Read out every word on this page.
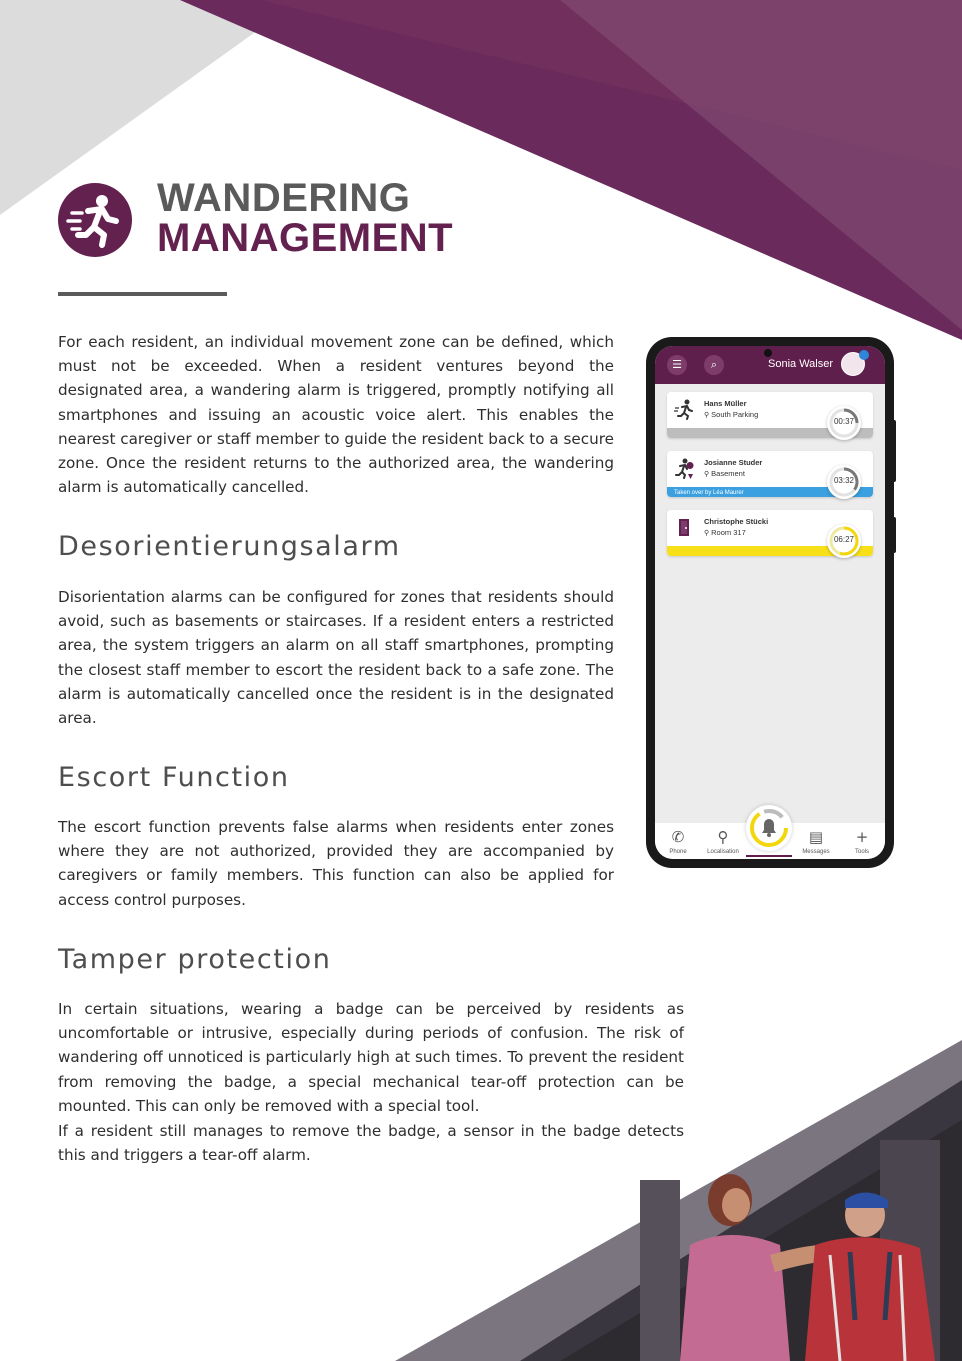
WANDERING
MANAGEMENT

For each resident, an individual movement zone can be defined, which must not be exceeded. When a resident ventures beyond the designated area, a wandering alarm is triggered, promptly notifying all smartphones and issuing an acoustic voice alert. This enables the nearest caregiver or staff member to guide the resident back to a secure zone. Once the resident returns to the authorized area, the wandering alarm is automatically cancelled.

Desorientierungsalarm

Disorientation alarms can be configured for zones that residents should avoid, such as basements or staircases. If a resident enters a restricted area, the system triggers an alarm on all staff smartphones, prompting the closest staff member to escort the resident back to a safe zone. The alarm is automatically cancelled once the resident is in the designated area.

Escort Function

The escort function prevents false alarms when residents enter zones where they are not authorized, provided they are accompanied by caregivers or family members. This function can also be applied for access control purposes.

Tamper protection

In certain situations, wearing a badge can be perceived by residents as uncomfortable or intrusive, especially during periods of confusion. The risk of wandering off unnoticed is particularly high at such times. To prevent the resident from removing the badge, a special mechanical tear-off protection can be mounted. This can only be removed with a special tool.

If a resident still manages to remove the badge, a sensor in the badge detects this and triggers a tear-off alarm.

☰	⌕	Sonia Walser
Hans Müller
⚲ South Parking
00:37
Josianne Studer
⚲ Basement
Taken over by Léa Maurer
03:32
Christophe Stücki
⚲ Room 317
06:27
✆
Phone
⚲
Localisation
▤
Messages
+
Tools
